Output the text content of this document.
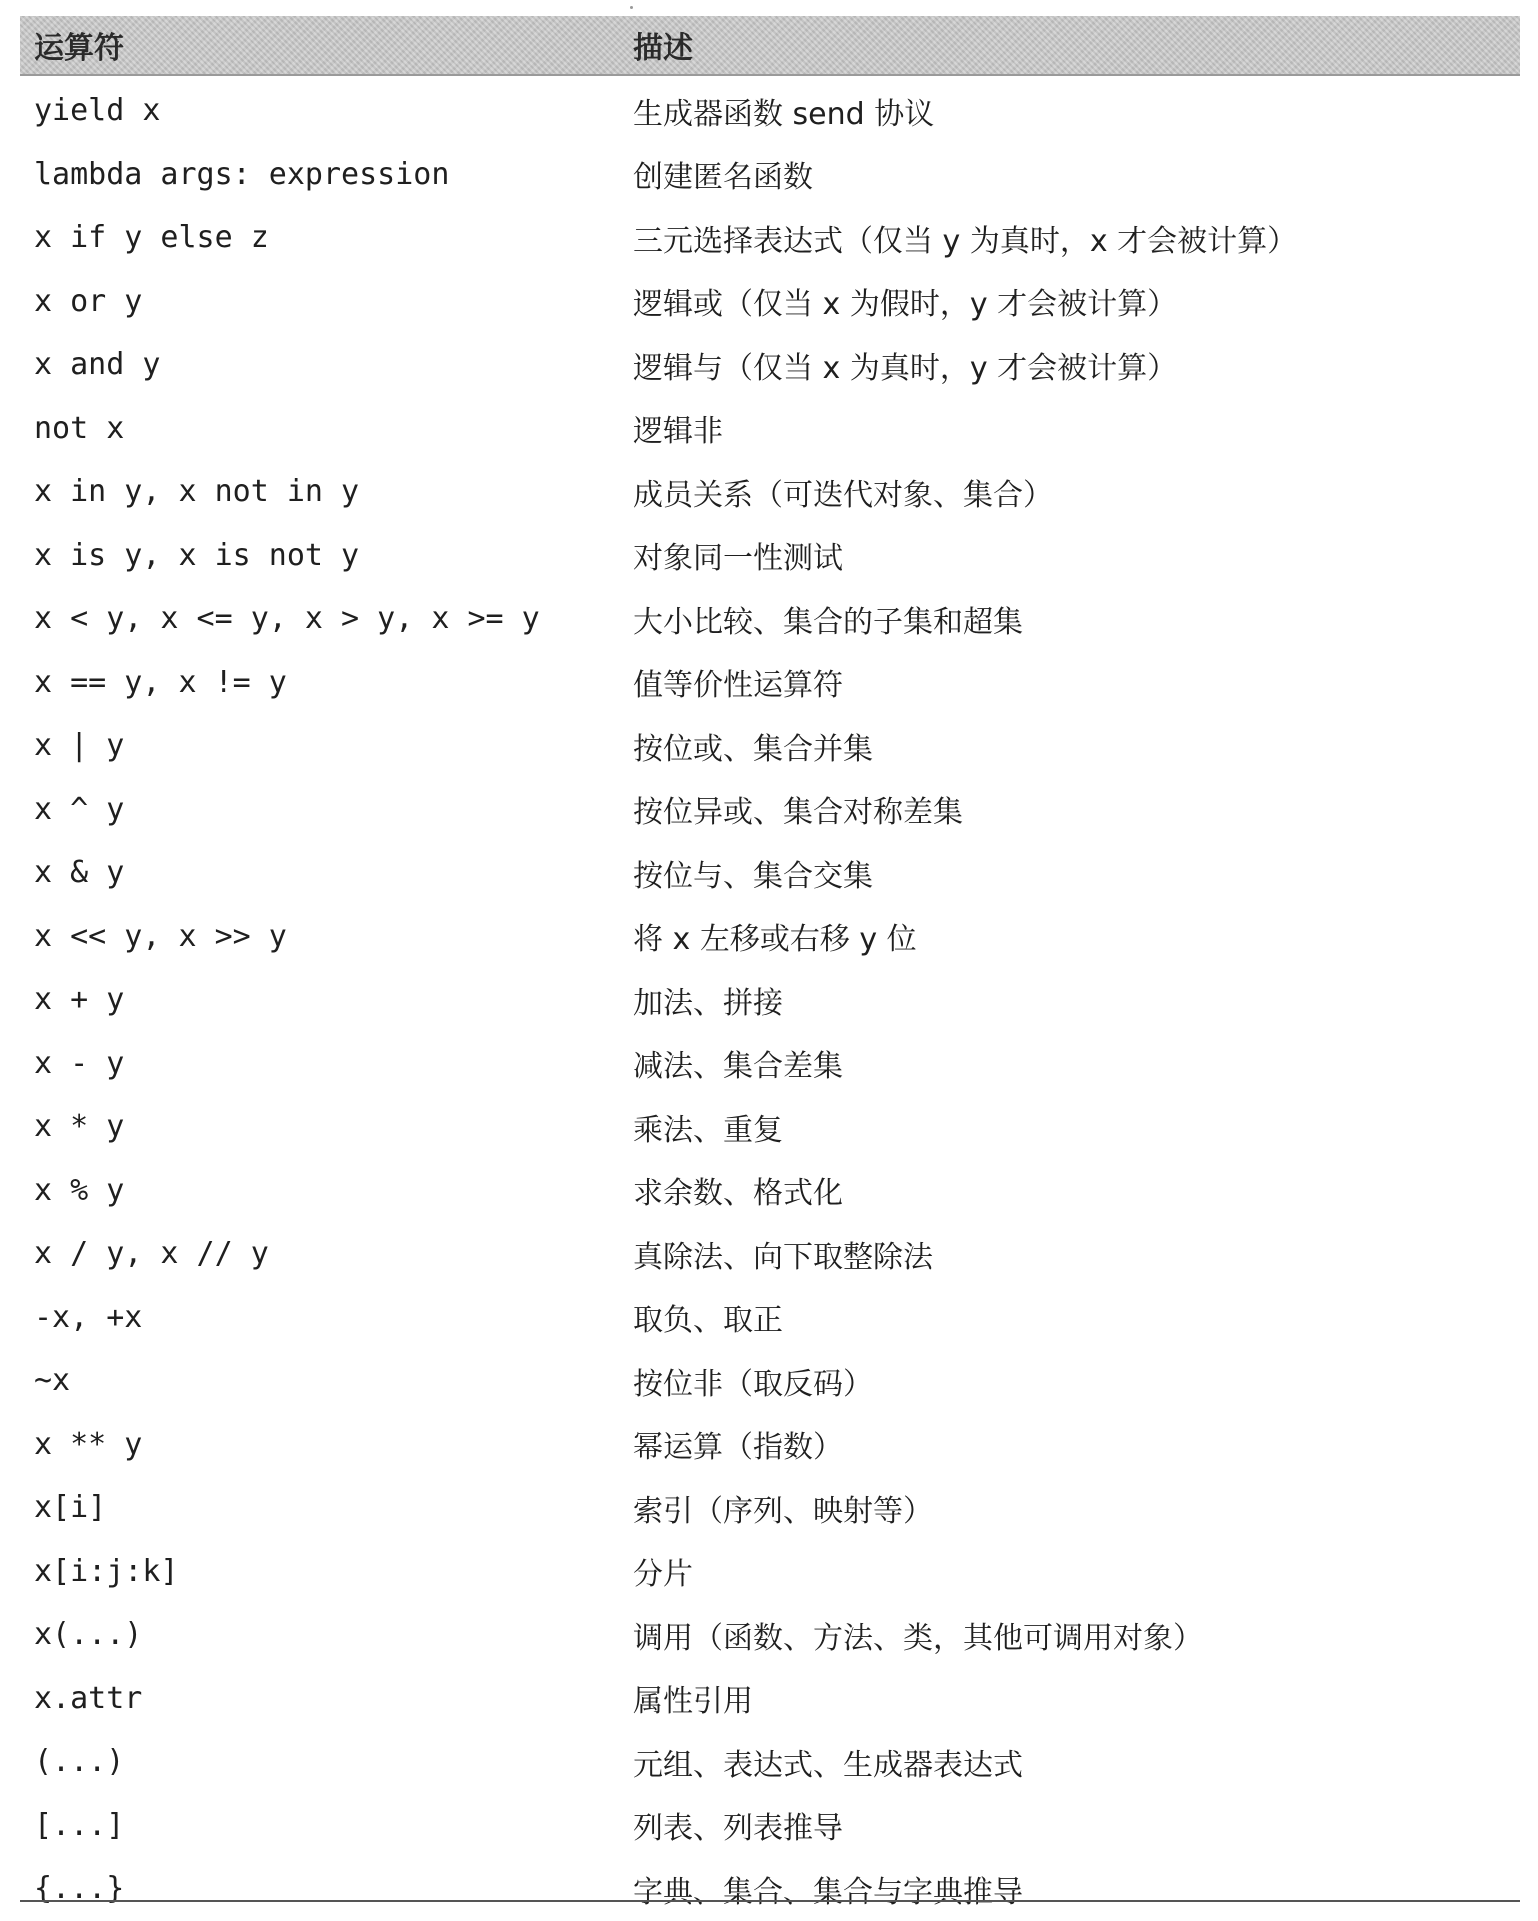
运算符	描述
yield x	生成器函数 send 协议
lambda args: expression	创建匿名函数
x if y else z	三元选择表达式（仅当 y 为真时，x 才会被计算）
x or y	逻辑或（仅当 x 为假时，y 才会被计算）
x and y	逻辑与（仅当 x 为真时，y 才会被计算）
not x	逻辑非
x in y, x not in y	成员关系（可迭代对象、集合）
x is y, x is not y	对象同一性测试
x < y, x <= y, x > y, x >= y	大小比较、集合的子集和超集
x == y, x != y	值等价性运算符
x | y	按位或、集合并集
x ^ y	按位异或、集合对称差集
x & y	按位与、集合交集
x << y, x >> y	将 x 左移或右移 y 位
x + y	加法、拼接
x - y	减法、集合差集
x * y	乘法、重复
x % y	求余数、格式化
x / y, x // y	真除法、向下取整除法
-x, +x	取负、取正
~x	按位非（取反码）
x ** y	幂运算（指数）
x[i]	索引（序列、映射等）
x[i:j:k]	分片
x(...)	调用（函数、方法、类，其他可调用对象）
x.attr	属性引用
(...)	元组、表达式、生成器表达式
[...]	列表、列表推导
{...}	字典、集合、集合与字典推导
